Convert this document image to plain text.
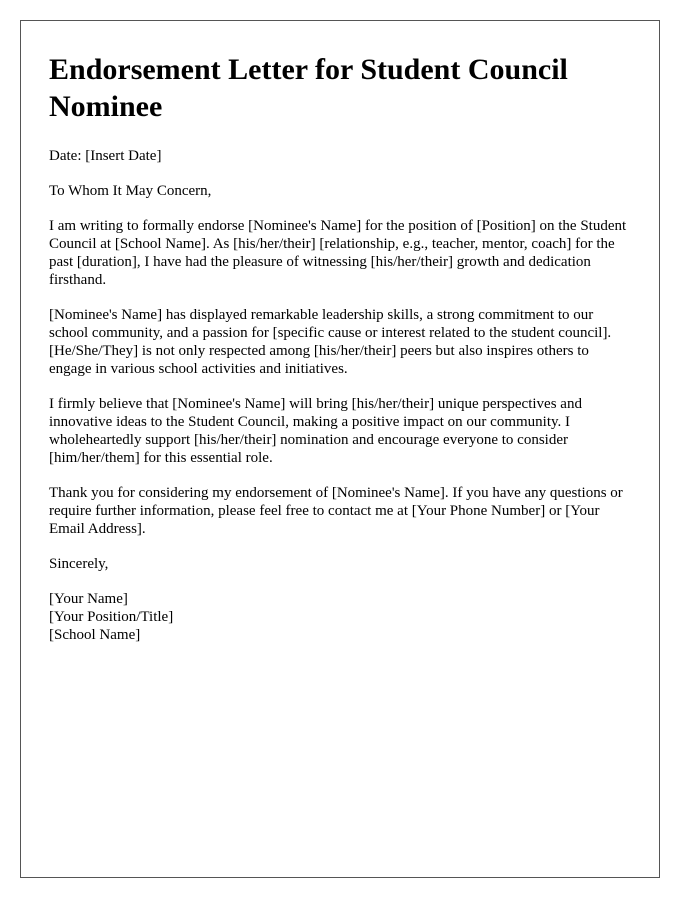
Endorsement Letter for Student Council Nominee

Date: [Insert Date]

To Whom It May Concern,

I am writing to formally endorse [Nominee's Name] for the position of [Position] on the Student Council at [School Name]. As [his/her/their] [relationship, e.g., teacher, mentor, coach] for the past [duration], I have had the pleasure of witnessing [his/her/their] growth and dedication firsthand.

[Nominee's Name] has displayed remarkable leadership skills, a strong commitment to our school community, and a passion for [specific cause or interest related to the student council]. [He/She/They] is not only respected among [his/her/their] peers but also inspires others to engage in various school activities and initiatives.

I firmly believe that [Nominee's Name] will bring [his/her/their] unique perspectives and innovative ideas to the Student Council, making a positive impact on our community. I wholeheartedly support [his/her/their] nomination and encourage everyone to consider [him/her/them] for this essential role.

Thank you for considering my endorsement of [Nominee's Name]. If you have any questions or require further information, please feel free to contact me at [Your Phone Number] or [Your Email Address].

Sincerely,

[Your Name]

[Your Position/Title]

[School Name]
